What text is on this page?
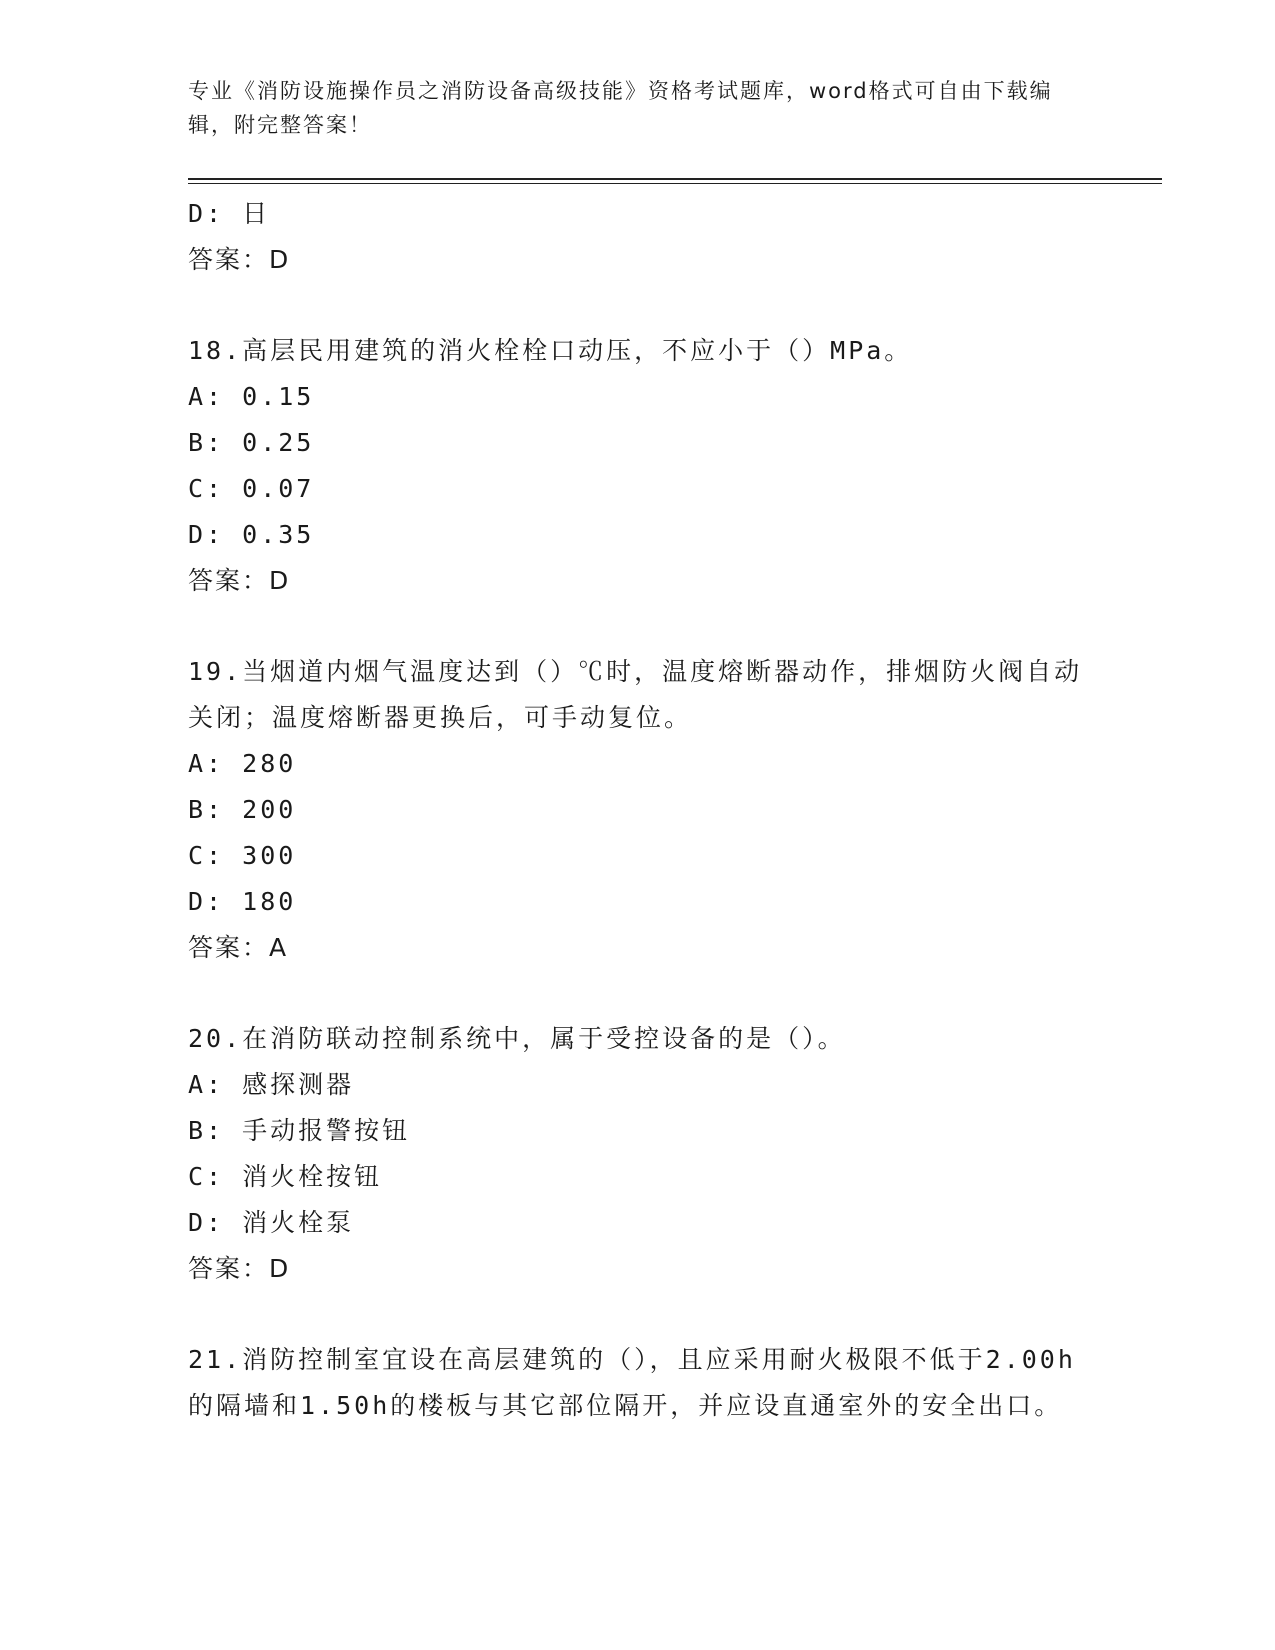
专业《消防设施操作员之消防设备高级技能》资格考试题库，word格式可自由下载编辑，附完整答案！
D: 日
答案：D
18.高层民用建筑的消火栓栓口动压，不应小于（）MPa。
A: 0.15
B: 0.25
C: 0.07
D: 0.35
答案：D
19.当烟道内烟气温度达到（）℃时，温度熔断器动作，排烟防火阀自动关闭；温度熔断器更换后，可手动复位。
A: 280
B: 200
C: 300
D: 180
答案：A
20.在消防联动控制系统中，属于受控设备的是（）。
A: 感探测器
B: 手动报警按钮
C: 消火栓按钮
D: 消火栓泵
答案：D
21.消防控制室宜设在高层建筑的（），且应采用耐火极限不低于2.00h的隔墙和1.50h的楼板与其它部位隔开，并应设直通室外的安全出口。
